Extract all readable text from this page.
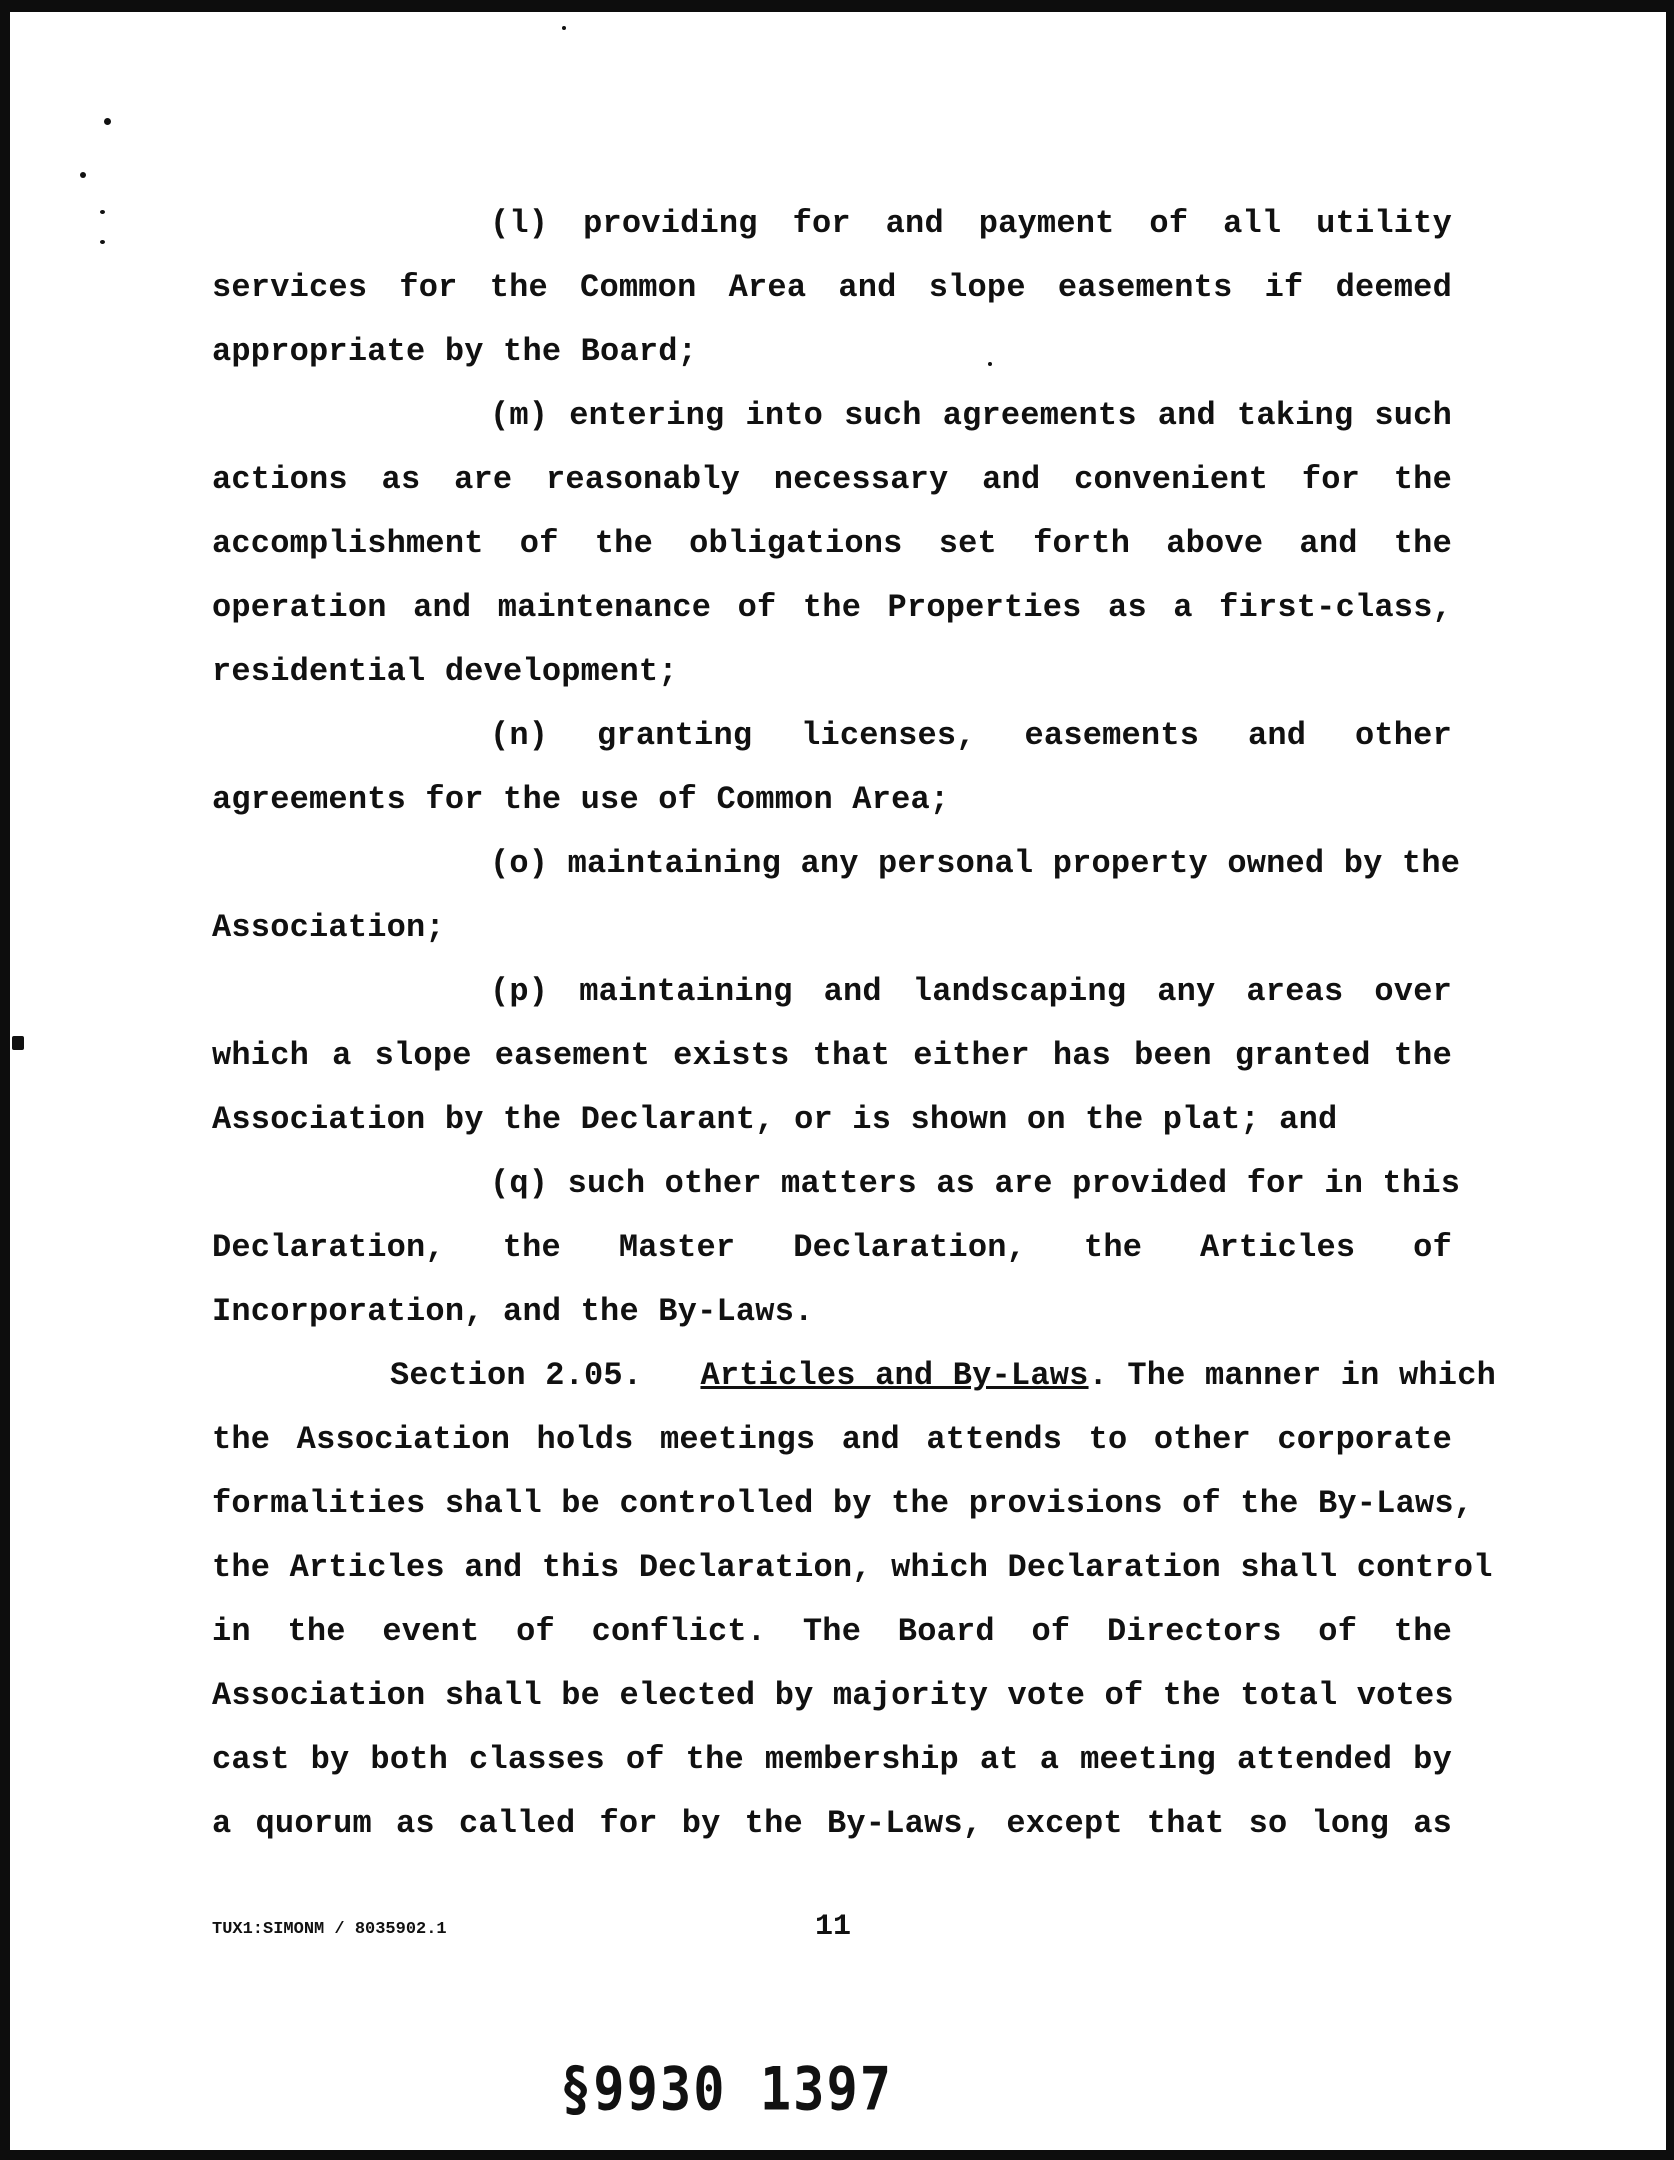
(l) providing for and payment of all utility
services for the Common Area and slope easements if deemed
appropriate by the Board;
(m) entering into such agreements and taking such
actions as are reasonably necessary and convenient for the
accomplishment of the obligations set forth above and the
operation and maintenance of the Properties as a first-class,
residential development;
(n) granting licenses, easements and other
agreements for the use of Common Area;
(o) maintaining any personal property owned by the
Association;
(p) maintaining and landscaping any areas over
which a slope easement exists that either has been granted the
Association by the Declarant, or is shown on the plat; and
(q) such other matters as are provided for in this
Declaration, the Master Declaration, the Articles of
Incorporation, and the By-Laws.
Section 2.05. Articles and By-Laws. The manner in which
the Association holds meetings and attends to other corporate
formalities shall be controlled by the provisions of the By-Laws,
the Articles and this Declaration, which Declaration shall control
in the event of conflict. The Board of Directors of the
Association shall be elected by majority vote of the total votes
cast by both classes of the membership at a meeting attended by
a quorum as called for by the By-Laws, except that so long as
TUX1:SIMONM / 8035902.1	11
§9930 1397
